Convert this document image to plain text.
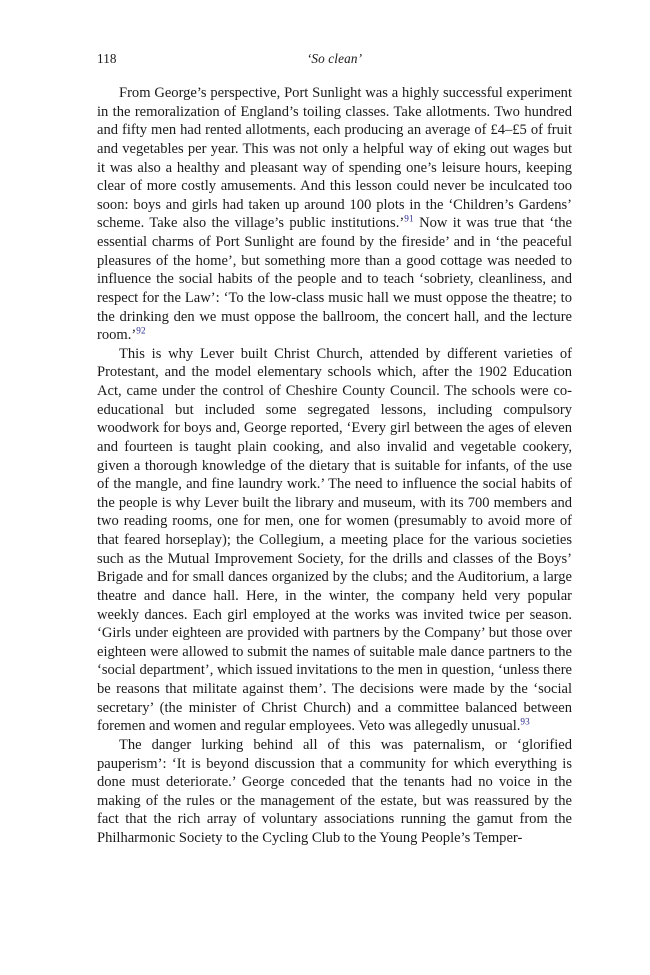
118	‘So clean’

From George’s perspective, Port Sunlight was a highly successful experiment in the remoralization of England’s toiling classes. Take allotments. Two hundred and fifty men had rented allotments, each producing an average of £4–£5 of fruit and vegetables per year. This was not only a helpful way of eking out wages but it was also a healthy and pleasant way of spending one’s leisure hours, keeping clear of more costly amusements. And this lesson could never be inculcated too soon: boys and girls had taken up around 100 plots in the ‘Children’s Gardens’ scheme. Take also the village’s public institutions.’$^{91}$ Now it was true that ‘the essential charms of Port Sunlight are found by the fireside’ and in ‘the peaceful pleasures of the home’, but something more than a good cottage was needed to influence the social habits of the people and to teach ‘sobriety, cleanliness, and respect for the Law’: ‘To the low-class music hall we must oppose the theatre; to the drinking den we must oppose the ballroom, the concert hall, and the lecture room.’$^{92}$

This is why Lever built Christ Church, attended by different varieties of Protestant, and the model elementary schools which, after the 1902 Education Act, came under the control of Cheshire County Council. The schools were co-educational but included some segregated lessons, including compulsory woodwork for boys and, George reported, ‘Every girl between the ages of eleven and fourteen is taught plain cooking, and also invalid and vegetable cookery, given a thorough knowledge of the dietary that is suitable for infants, of the use of the mangle, and fine laundry work.’ The need to influence the social habits of the people is why Lever built the library and museum, with its 700 members and two reading rooms, one for men, one for women (presumably to avoid more of that feared horseplay); the Collegium, a meeting place for the various societies such as the Mutual Improvement Society, for the drills and classes of the Boys’ Brigade and for small dances organized by the clubs; and the Auditorium, a large theatre and dance hall. Here, in the winter, the company held very popular weekly dances. Each girl employed at the works was invited twice per season. ‘Girls under eighteen are provided with partners by the Company’ but those over eighteen were allowed to submit the names of suitable male dance partners to the ‘social department’, which issued invitations to the men in question, ‘unless there be reasons that militate against them’. The decisions were made by the ‘social secretary’ (the minister of Christ Church) and a committee balanced between foremen and women and regular employees. Veto was allegedly unusual.$^{93}$

The danger lurking behind all of this was paternalism, or ‘glorified pauperism’: ‘It is beyond discussion that a community for which everything is done must deteriorate.’ George conceded that the tenants had no voice in the making of the rules or the management of the estate, but was reassured by the fact that the rich array of voluntary associations running the gamut from the Philharmonic Society to the Cycling Club to the Young People’s Temper-
